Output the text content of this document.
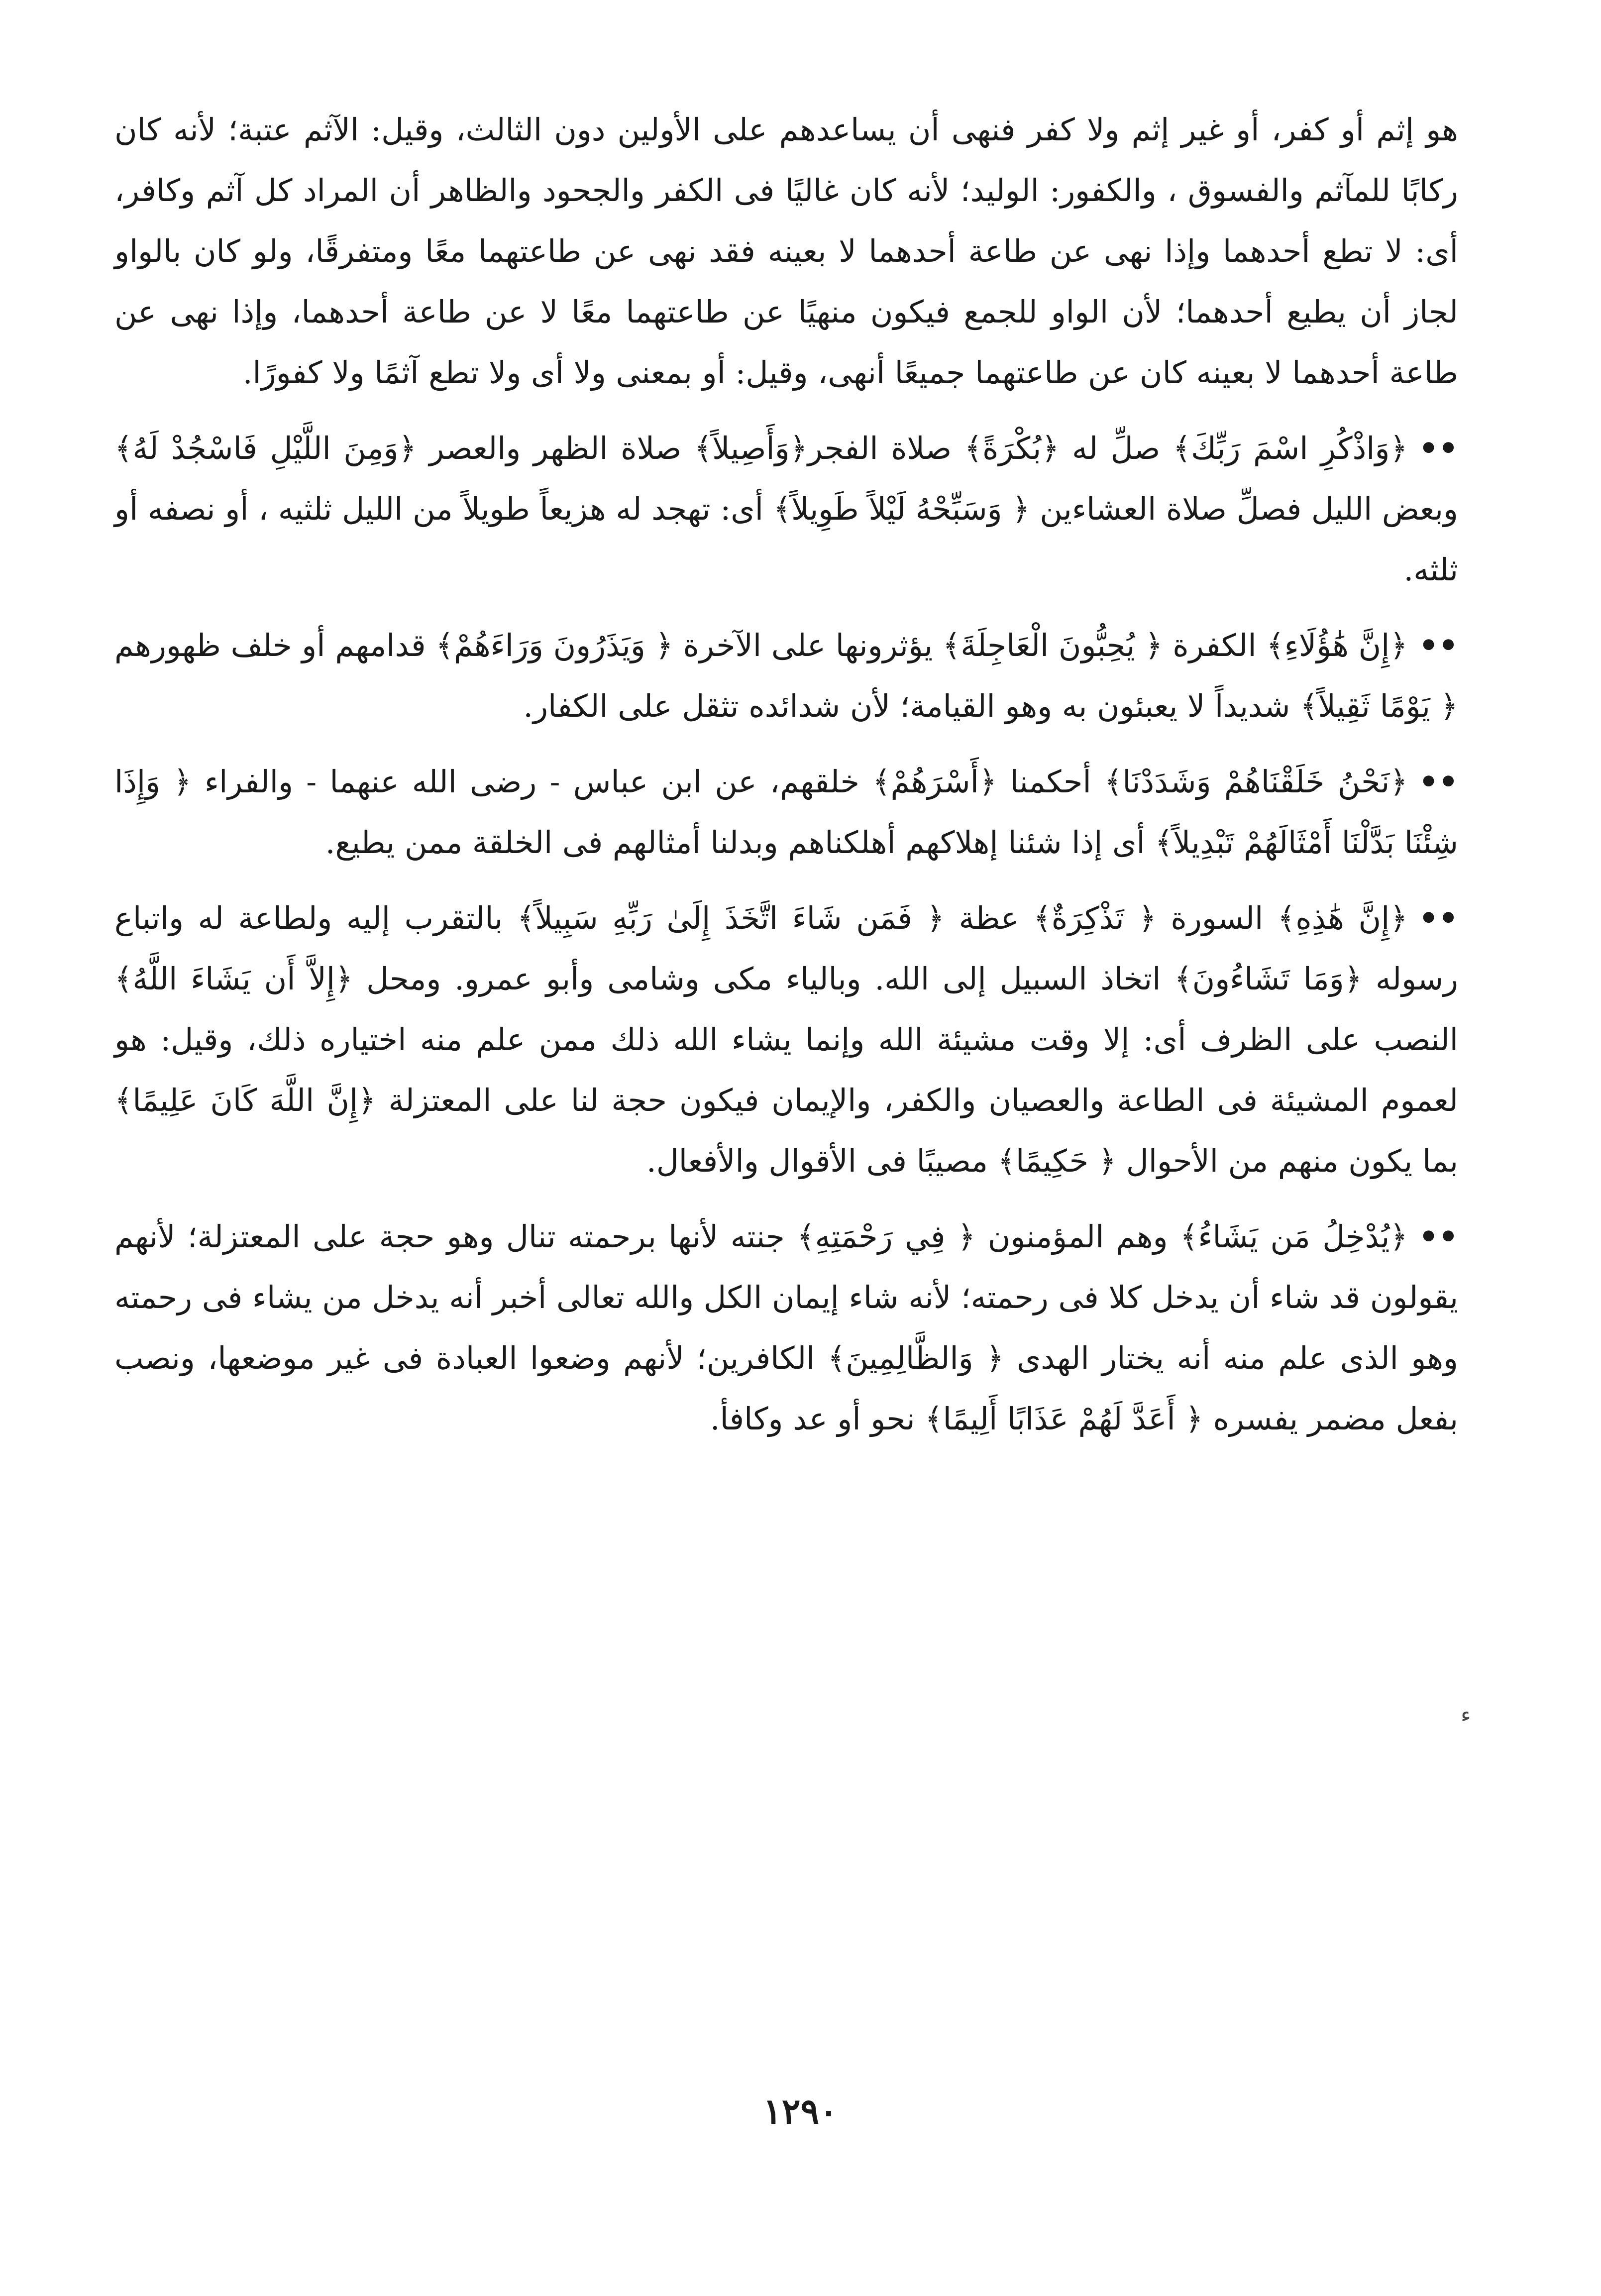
هو إثم أو كفر، أو غير إثم ولا كفر فنهى أن يساعدهم على الأولين دون الثالث، وقيل: الآثم عتبة؛ لأنه كان ركابًا للمآثم والفسوق ، والكفور: الوليد؛ لأنه كان غاليًا فى الكفر والجحود والظاهر أن المراد كل آثم وكافر، أى: لا تطع أحدهما وإذا نهى عن طاعة أحدهما لا بعينه فقد نهى عن طاعتهما معًا ومتفرقًا، ولو كان بالواو لجاز أن يطيع أحدهما؛ لأن الواو للجمع فيكون منهيًا عن طاعتهما معًا لا عن طاعة أحدهما، وإذا نهى عن طاعة أحدهما لا بعينه كان عن طاعتهما جميعًا أنهى، وقيل: أو بمعنى ولا أى ولا تطع آثمًا ولا كفورًا.

••﴿وَاذْكُرِ اسْمَ رَبِّكَ﴾ صلِّ له ﴿بُكْرَةً﴾ صلاة الفجر﴿وَأَصِيلاً﴾ صلاة الظهر والعصر ﴿وَمِنَ اللَّيْلِ فَاسْجُدْ لَهُ﴾ وبعض الليل فصلِّ صلاة العشاءين ﴿ وَسَبِّحْهُ لَيْلاً طَوِيلاً﴾ أى: تهجد له هزيعاً طويلاً من الليل ثلثيه ، أو نصفه أو ثلثه.

••﴿إِنَّ هَٰؤُلَاءِ﴾ الكفرة ﴿ يُحِبُّونَ الْعَاجِلَةَ﴾ يؤثرونها على الآخرة ﴿ وَيَذَرُونَ وَرَاءَهُمْ﴾ قدامهم أو خلف ظهورهم ﴿ يَوْمًا ثَقِيلاً﴾ شديداً لا يعبئون به وهو القيامة؛ لأن شدائده تثقل على الكفار.

••﴿نَحْنُ خَلَقْنَاهُمْ وَشَدَدْنَا﴾ أحكمنا ﴿أَسْرَهُمْ﴾ خلقهم، عن ابن عباس - رضى الله عنهما - والفراء ﴿ وَإِذَا شِئْنَا بَدَّلْنَا أَمْثَالَهُمْ تَبْدِيلاً﴾ أى إذا شئنا إهلاكهم أهلكناهم وبدلنا أمثالهم فى الخلقة ممن يطيع.

••﴿إِنَّ هَٰذِهِ﴾ السورة ﴿ تَذْكِرَةٌ﴾ عظة ﴿ فَمَن شَاءَ اتَّخَذَ إِلَىٰ رَبِّهِ سَبِيلاً﴾ بالتقرب إليه ولطاعة له واتباع رسوله ﴿وَمَا تَشَاءُونَ﴾ اتخاذ السبيل إلى الله. وبالياء مكى وشامى وأبو عمرو. ومحل ﴿إِلاَّ أَن يَشَاءَ اللَّهُ﴾ النصب على الظرف أى: إلا وقت مشيئة الله وإنما يشاء الله ذلك ممن علم منه اختياره ذلك، وقيل: هو لعموم المشيئة فى الطاعة والعصيان والكفر، والإيمان فيكون حجة لنا على المعتزلة ﴿إِنَّ اللَّهَ كَانَ عَلِيمًا﴾ بما يكون منهم من الأحوال ﴿ حَكِيمًا﴾ مصيبًا فى الأقوال والأفعال.

••﴿يُدْخِلُ مَن يَشَاءُ﴾ وهم المؤمنون ﴿ فِي رَحْمَتِهِ﴾ جنته لأنها برحمته تنال وهو حجة على المعتزلة؛ لأنهم يقولون قد شاء أن يدخل كلا فى رحمته؛ لأنه شاء إيمان الكل والله تعالى أخبر أنه يدخل من يشاء فى رحمته وهو الذى علم منه أنه يختار الهدى ﴿ وَالظَّالِمِينَ﴾ الكافرين؛ لأنهم وضعوا العبادة فى غير موضعها، ونصب بفعل مضمر يفسره ﴿ أَعَدَّ لَهُمْ عَذَابًا أَلِيمًا﴾ نحو أو عد وكافأ.

ء
١٢٩٠
